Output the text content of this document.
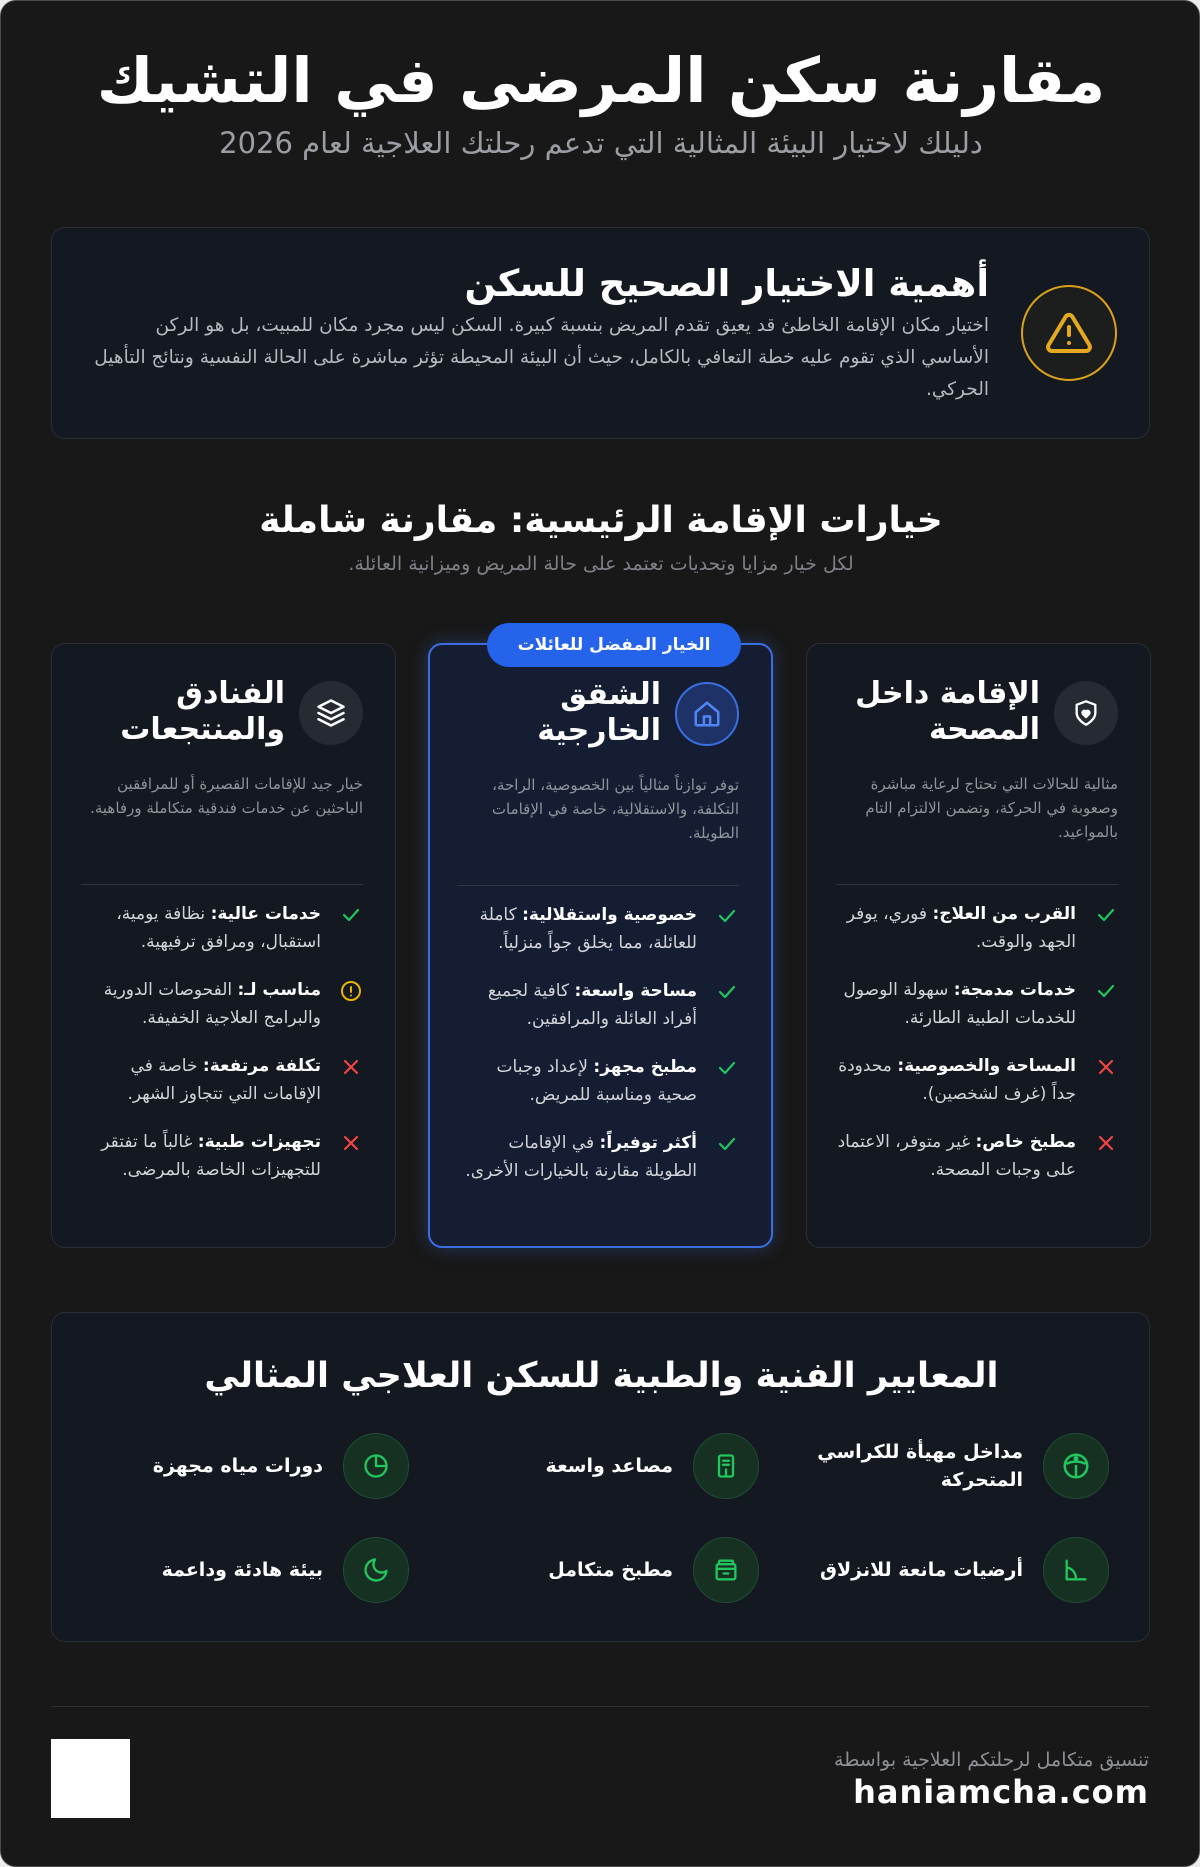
مقارنة سكن المرضى في التشيك
دليلك لاختيار البيئة المثالية التي تدعم رحلتك العلاجية لعام 2026
أهمية الاختيار الصحيح للسكن

اختيار مكان الإقامة الخاطئ قد يعيق تقدم المريض بنسبة كبيرة. السكن ليس مجرد مكان للمبيت، بل هو الركن الأساسي الذي تقوم عليه خطة التعافي بالكامل، حيث أن البيئة المحيطة تؤثر مباشرة على الحالة النفسية ونتائج التأهيل الحركي.

خيارات الإقامة الرئيسية: مقارنة شاملة
لكل خيار مزايا وتحديات تعتمد على حالة المريض وميزانية العائلة.
الخيار المفضل للعائلات
الإقامة داخل المصحة

مثالية للحالات التي تحتاج لرعاية مباشرة وصعوبة في الحركة، وتضمن الالتزام التام بالمواعيد.

القرب من العلاج: فوري، يوفر الجهد والوقت.
خدمات مدمجة: سهولة الوصول للخدمات الطبية الطارئة.
المساحة والخصوصية: محدودة جداً (غرف لشخصين).
مطبخ خاص: غير متوفر، الاعتماد على وجبات المصحة.
الشقق الخارجية

توفر توازناً مثالياً بين الخصوصية، الراحة، التكلفة، والاستقلالية، خاصة في الإقامات الطويلة.

خصوصية واستقلالية: كاملة للعائلة، مما يخلق جواً منزلياً.
مساحة واسعة: كافية لجميع أفراد العائلة والمرافقين.
مطبخ مجهز: لإعداد وجبات صحية ومناسبة للمريض.
أكثر توفيراً: في الإقامات الطويلة مقارنة بالخيارات الأخرى.
الفنادق والمنتجعات

خيار جيد للإقامات القصيرة أو للمرافقين الباحثين عن خدمات فندقية متكاملة ورفاهية.

خدمات عالية: نظافة يومية، استقبال، ومرافق ترفيهية.
مناسب لـ: الفحوصات الدورية والبرامج العلاجية الخفيفة.
تكلفة مرتفعة: خاصة في الإقامات التي تتجاوز الشهر.
تجهيزات طبية: غالباً ما تفتقر للتجهيزات الخاصة بالمرضى.
المعايير الفنية والطبية للسكن العلاجي المثالي
مداخل مهيأة للكراسي المتحركة
مصاعد واسعة
دورات مياه مجهزة
أرضيات مانعة للانزلاق
مطبخ متكامل
بيئة هادئة وداعمة
تنسيق متكامل لرحلتكم العلاجية بواسطة
haniamcha.com
